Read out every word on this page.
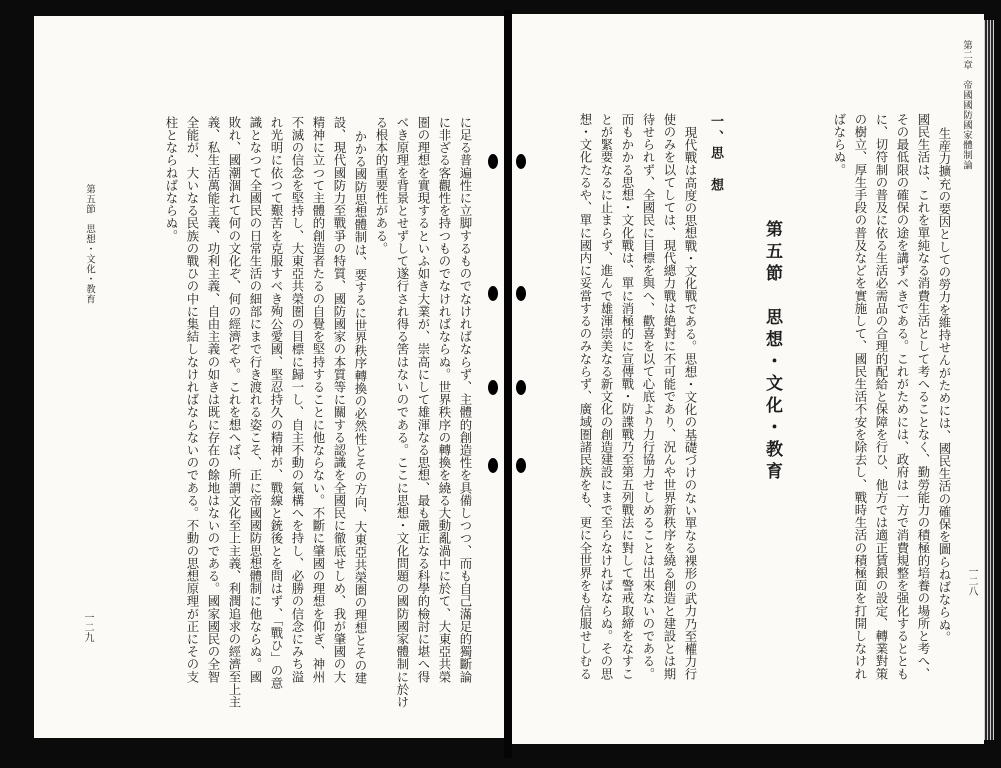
第五節　思想・文化・教育
一二九	に足る普遍性に立脚するものでなければならず、主體的創造性を具備しつつ、而も自己滿足的獨斷論
に非ざる客觀性を持つものでなければならぬ。世界秩序の轉換を繞る大動亂渦中に於て、大東亞共榮
圏の理想を實現するといふ如き大業が、崇高にして雄渾なる思想、最も嚴正なる科學的檢討に堪へ得
べき原理を背景とせずして遂行され得る筈はないのである。ここに思想・文化問題の國防國家體制に於け
る根本的重要性がある。
かかる國防思想體制は、要するに世界秩序轉換の必然性とその方向、大東亞共榮圏の理想とその建
設、現代國防力至戰爭の特質、國防國家の本質等に關する認識を全國民に徹底せしめ、我が肇國の大
精神に立つて主體的創造者たるの自覺を堅持することに他ならない。不斷に肇國の理想を仰ぎ、神州
不滅の信念を堅持し、大東亞共榮圏の目標に歸一し、自主不動の氣構へを持し、必勝の信念にみち溢
れ光明に依つて艱苦を克服すべき殉公愛國、堅忍持久の精神が、戰線と銃後とを問はず、「戰ひ」の意
識となつて全國民の日常生活の細部にまで行き渡れる姿こそ、正に帝國國防思想體制に他ならぬ。國
敗れ、國潮涸れて何の文化ぞ、何の經濟ぞや。これを想へば、所謂文化至上主義、利潤追求の經濟至上主
義、私生活萬能主義、功利主義、自由主義の如きは既に存在の餘地はないのである。國家國民の全智
全能が、大いなる民族の戰ひの中に集結しなければならないのである。不動の思想原理が正にその支
柱とならねばならぬ。
第二章　帝國國防國家體制論
一二八
生産力擴充の要因としての勞力を維持せんがためには、國民生活の確保を圖らねばならぬ。
國民生活は、これを單純なる消費生活として考へることなく、勤勞能力の積極的培養の場所と考へ、
その最低限の確保の途を講ずべきである。これがためには、政府は一方で消費規整を强化するととも
に、切符制の普及に依る生活必需品の合理的配給と保障を行ひ、他方では適正賃銀の設定、轉業對策
の樹立、厚生手段の普及などを實施して、國民生活不安を除去し、戰時生活の積極面を打開しなけれ
ばならぬ。
第五節　思想・文化・教育
一、思　想
現代戰は高度の思想戰・文化戰である。思想・文化の基礎づけのない單なる裸形の武力乃至權力行
使のみを以てしては、現代總力戰は絶對に不可能であり、況んや世界新秩序を繞る創造と建設とは期
待せられず、全國民に目標を與へ、歡喜を以て心底より力行協力せしめることは出來ないのである。
而もかかる思想・文化戰は、單に消極的に宣傳戰・防諜戰乃至第五列戰法に對して警戒取締をなすこ
とが緊要なるに止まらず、進んで雄渾崇美なる新文化の創造建設にまで至らなければならぬ。その思
想・文化たるや、單に國内に妥當するのみならず、廣域圏諸民族をも、更に全世界をも信服せしむる
